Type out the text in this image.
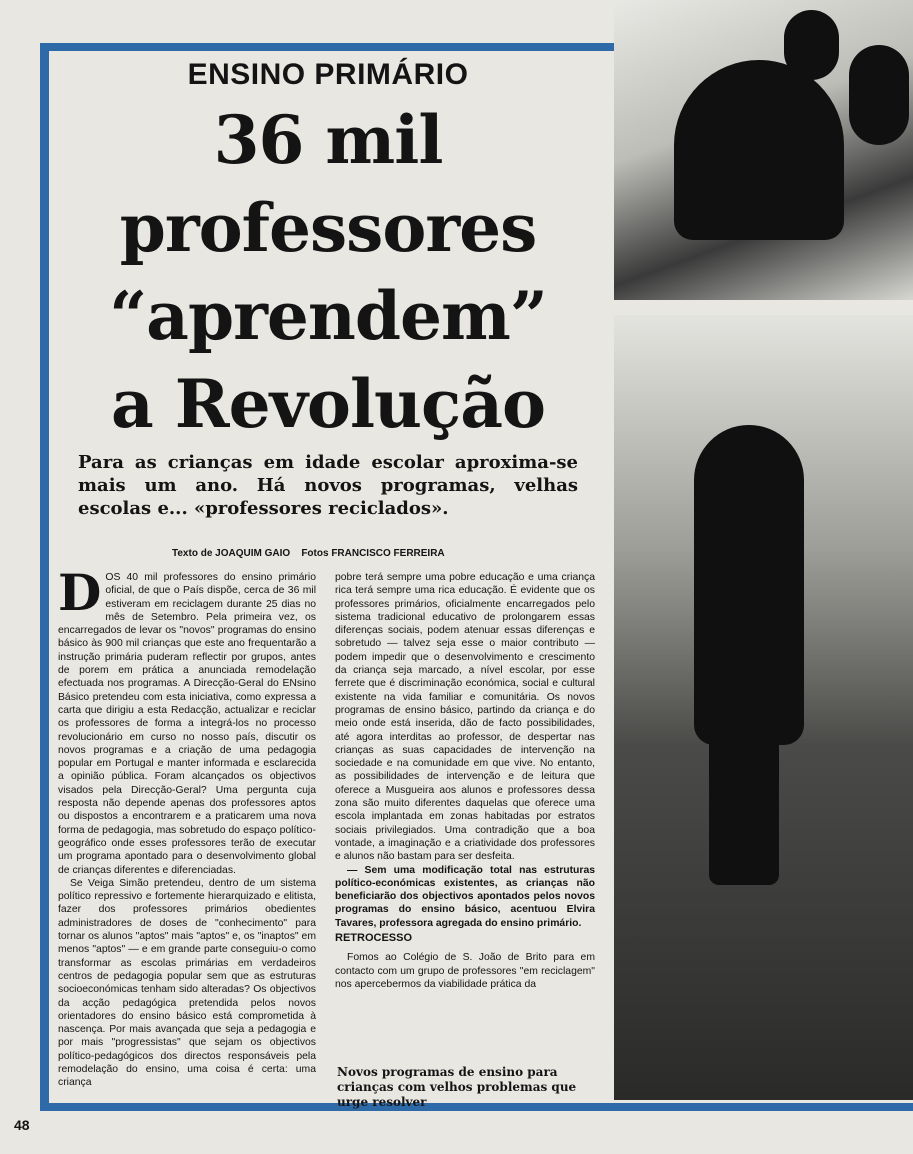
ENSINO PRIMÁRIO
36 mil
professores
“aprendem”
a Revolução

Para as crianças em idade escolar aproxima-se mais um ano. Há novos programas, velhas escolas e... «professores reciclados».

Texto de JOAQUIM GAIO Fotos FRANCISCO FERREIRA
D OS 40 mil professores do ensino primário oficial, de que o País dispõe, cerca de 36 mil estiveram em reciclagem durante 25 dias no mês de Setembro. Pela primeira vez, os encarregados de levar os "novos" programas do ensino básico às 900 mil crianças que este ano frequentarão a instrução primária puderam reflectir por grupos, antes de porem em prática a anunciada remodelação efectuada nos programas. A Direcção-Geral do ENsino Básico pretendeu com esta iniciativa, como expressa a carta que dirigiu a esta Redacção, actualizar e reciclar os professores de forma a integrá-los no processo revolucionário em curso no nosso país, discutir os novos programas e a criação de uma pedagogia popular em Portugal e manter informada e esclarecida a opinião pública. Foram alcançados os objectivos visados pela Direcção-Geral? Uma pergunta cuja resposta não depende apenas dos professores aptos ou dispostos a encontrarem e a praticarem uma nova forma de pedagogia, mas sobretudo do espaço político-geográfico onde esses professores terão de executar um programa apontado para o desenvolvimento global de crianças diferentes e diferenciadas.

Se Veiga Simão pretendeu, dentro de um sistema político repressivo e fortemente hierarquizado e elitista, fazer dos professores primários obedientes administradores de doses de "conhecimento" para tornar os alunos "aptos" mais "aptos" e, os "inaptos" em menos "aptos" — e em grande parte conseguiu-o como transformar as escolas primárias em verdadeiros centros de pedagogia popular sem que as estruturas socioeconómicas tenham sido alteradas? Os objectivos da acção pedagógica pretendida pelos novos orientadores do ensino básico está comprometida à nascença. Por mais avançada que seja a pedagogia e por mais "progressistas" que sejam os objectivos político-pedagógicos dos directos responsáveis pela remodelação do ensino, uma coisa é certa: uma criança

pobre terá sempre uma pobre educação e uma criança rica terá sempre uma rica educação. É evidente que os professores primários, oficialmente encarregados pelo sistema tradicional educativo de prolongarem essas diferenças sociais, podem atenuar essas diferenças e sobretudo — talvez seja esse o maior contributo — podem impedir que o desenvolvimento e crescimento da criança seja marcado, a nível escolar, por esse ferrete que é discriminação económica, social e cultural existente na vida familiar e comunitária. Os novos programas de ensino básico, partindo da criança e do meio onde está inserida, dão de facto possibilidades, até agora interditas ao professor, de despertar nas crianças as suas capacidades de intervenção na sociedade e na comunidade em que vive. No entanto, as possibilidades de intervenção e de leitura que oferece a Musgueira aos alunos e professores dessa zona são muito diferentes daquelas que oferece uma escola implantada em zonas habitadas por estratos sociais privilegiados. Uma contradição que a boa vontade, a imaginação e a criatividade dos professores e alunos não bastam para ser desfeita.

— Sem uma modificação total nas estruturas político-económicas existentes, as crianças não beneficiarão dos objectivos apontados pelos novos programas do ensino básico, acentuou Elvira Tavares, professora agregada do ensino primário.

RETROCESSO

Fomos ao Colégio de S. João de Brito para em contacto com um grupo de professores "em reciclagem" nos apercebermos da viabilidade prática da

Novos programas de ensino para crianças com velhos problemas que urge resolver

48
